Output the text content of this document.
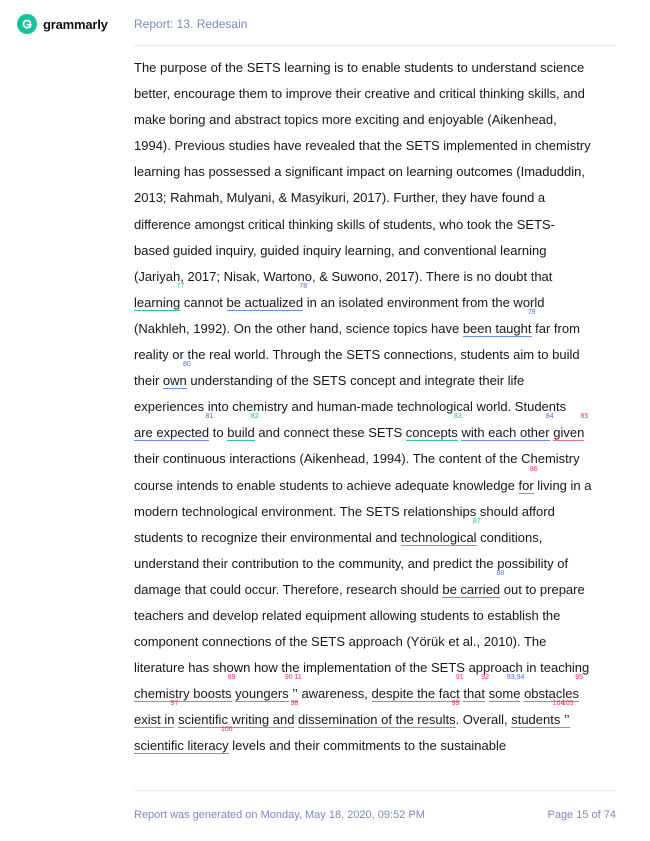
grammarly Report: 13. Redesain
The purpose of the SETS learning is to enable students to understand science
better, encourage them to improve their creative and critical thinking skills, and
make boring and abstract topics more exciting and enjoyable (Aikenhead,
1994). Previous studies have revealed that the SETS implemented in chemistry
learning has possessed a significant impact on learning outcomes (Imaduddin,
2013; Rahmah, Mulyani, & Masyikuri, 2017). Further, they have found a
difference amongst critical thinking skills of students, who took the SETS-
based guided inquiry, guided inquiry learning, and conventional learning
(Jariyah, 2017; Nisak, Wartono, & Suwono, 2017). There is no doubt that
learning 77 cannot be actualized 78 in an isolated environment from the world
(Nakhleh, 1992). On the other hand, science topics have been taught 79 far from
reality or the real world. Through the SETS connections, students aim to build
their own 80 understanding of the SETS concept and integrate their life
experiences into chemistry and human-made technological world. Students
are expected 81 to build 82 and connect these SETS concepts 83 with each other 84 given 85
their continuous interactions (Aikenhead, 1994). The content of the Chemistry
course intends to enable students to achieve adequate knowledge for 86 living in a
modern technological environment. The SETS relationships should afford
students to recognize their environmental and technological 87 conditions,
understand their contribution to the community, and predict the possibility of
damage that could occur. Therefore, research should be carried 88 out to prepare
teachers and develop related equipment allowing students to establish the
component connections of the SETS approach (Yörük et al., 2010). The
literature has shown how the implementation of the SETS approach in teaching
chemistry boosts 89 youngers 90 ’’ 11 awareness, despite the fact 91 that 92 some 93,94 obstacles 95
exist in 97 scientific writing and 98 dissemination of the results 99. Overall, students 104 ’’ 105
scientific literacy 106 levels and their commitments to the sustainable
Report was generated on Monday, May 18, 2020, 09:52 PM	Page 15 of 74
